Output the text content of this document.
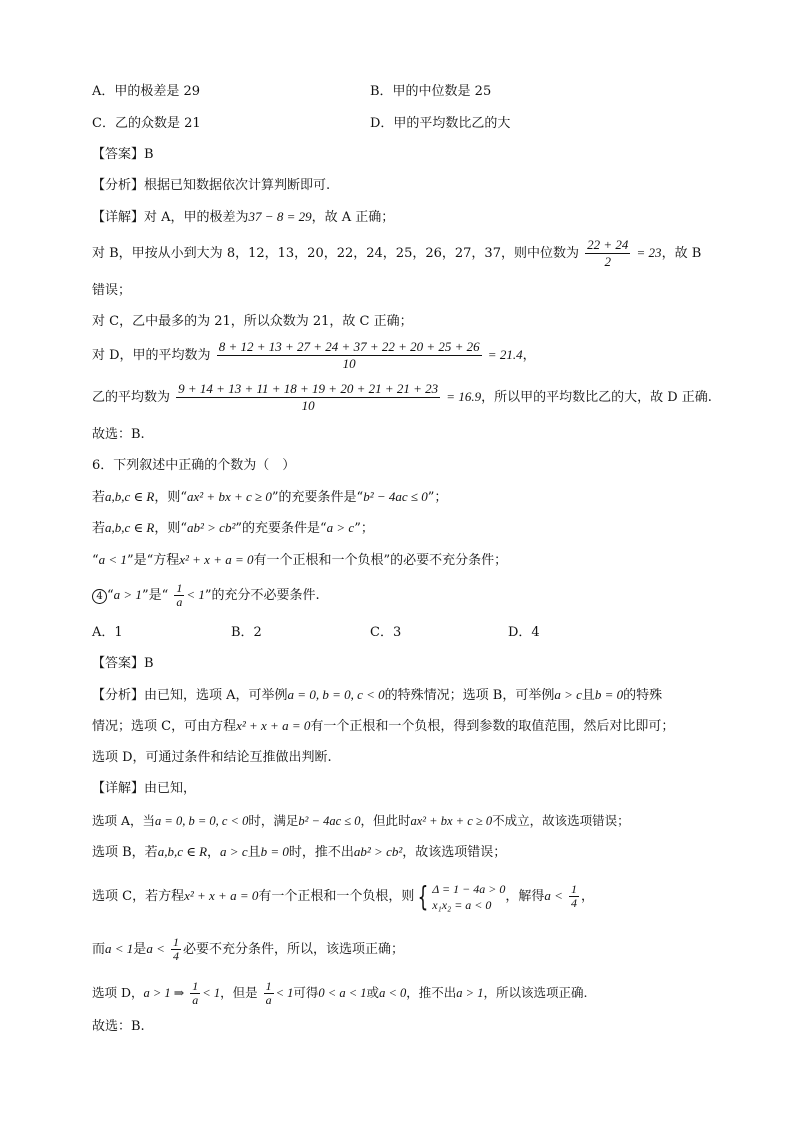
A．甲的极差是 29	B．甲的中位数是 25
C．乙的众数是 21	D．甲的平均数比乙的大
【答案】B
【分析】根据已知数据依次计算判断即可.
【详解】对 A，甲的极差为37 − 8 = 29，故 A 正确；
对 B，甲按从小到大为 8，12，13，20，22，24，25，26，27，37，则中位数为 $\frac{22 + 24}{2} = 23$，故 B
错误；
对 C，乙中最多的为 21，所以众数为 21，故 C 正确；
对 D，甲的平均数为 $\frac{8 + 12 + 13 + 27 + 24 + 37 + 22 + 20 + 25 + 26}{10} = 21.4$，
乙的平均数为 $\frac{9 + 14 + 13 + 11 + 18 + 19 + 20 + 21 + 21 + 23}{10} = 16.9$，所以甲的平均数比乙的大，故 D 正确.
故选：B.
6．下列叙述中正确的个数为（　）
若a,b,c ∈ R，则“ax² + bx + c ≥ 0”的充要条件是“b² − 4ac ≤ 0”；
若a,b,c ∈ R，则“ab² > cb²”的充要条件是“a > c”；
“a < 1”是“方程x² + x + a = 0有一个正根和一个负根”的必要不充分条件；
4 “a > 1”是“ $\frac{1}{a} < 1$”的充分不必要条件.
A．1	B．2	C．3	D．4
【答案】B
【分析】由已知，选项 A，可举例a = 0, b = 0, c < 0的特殊情况；选项 B，可举例a > c且b = 0的特殊
情况；选项 C，可由方程x² + x + a = 0有一个正根和一个负根，得到参数的取值范围，然后对比即可；
选项 D，可通过条件和结论互推做出判断.
【详解】由已知，
选项 A，当a = 0, b = 0, c < 0时，满足b² − 4ac ≤ 0，但此时ax² + bx + c ≥ 0不成立，故该选项错误；
选项 B，若a,b,c ∈ R，a > c且b = 0时，推不出ab² > cb²，故该选项错误；
选项 C，若方程x² + x + a = 0有一个正根和一个负根，则 { Δ = 1 − 4a > 0
x₁x₂ = a < 0
，解得$a < \frac{1}{4}$ ，
而a < 1是$a < \frac{1}{4}$ 必要不充分条件，所以，该选项正确；
选项 D，a > 1 ⇒ $\frac{1}{a} < 1$，但是 $\frac{1}{a} < 1$可得0 < a < 1或a < 0，推不出a > 1，所以该选项正确.
故选：B.
